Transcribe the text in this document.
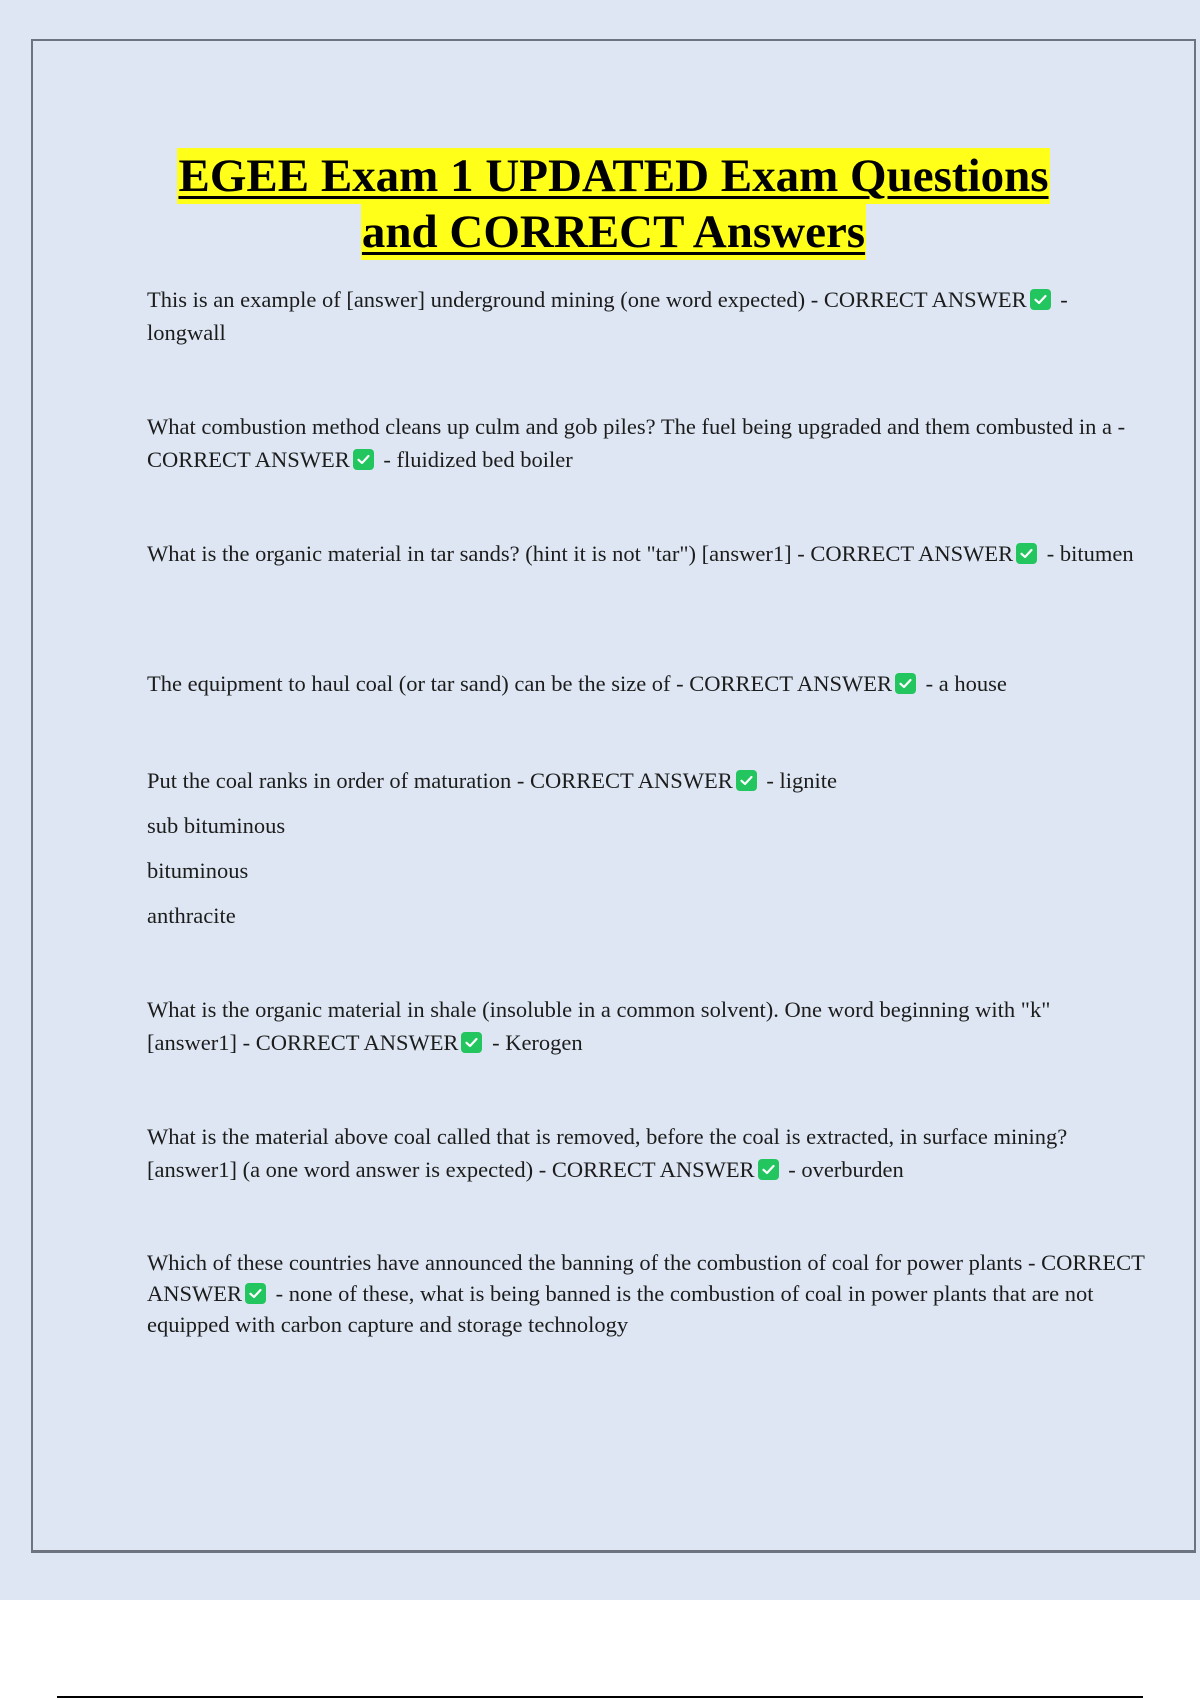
EGEE Exam 1 UPDATED Exam Questions
and CORRECT Answers
This is an example of [answer] underground mining (one word expected) - CORRECT ANSWER
- longwall
What combustion method cleans up culm and gob piles? The fuel being upgraded and them combusted in a - CORRECT ANSWER
- fluidized bed boiler
What is the organic material in tar sands? (hint it is not "tar") [answer1] - CORRECT ANSWER
- bitumen
The equipment to haul coal (or tar sand) can be the size of - CORRECT ANSWER
- a house
Put the coal ranks in order of maturation - CORRECT ANSWER
- lignite
sub bituminous
bituminous
anthracite
What is the organic material in shale (insoluble in a common solvent). One word beginning with "k" [answer1] - CORRECT ANSWER
- Kerogen
What is the material above coal called that is removed, before the coal is extracted, in surface mining? [answer1] (a one word answer is expected) - CORRECT ANSWER
- overburden
Which of these countries have announced the banning of the combustion of coal for power plants - CORRECT ANSWER
- none of these, what is being banned is the combustion of coal in power plants that are not equipped with carbon capture and storage technology
